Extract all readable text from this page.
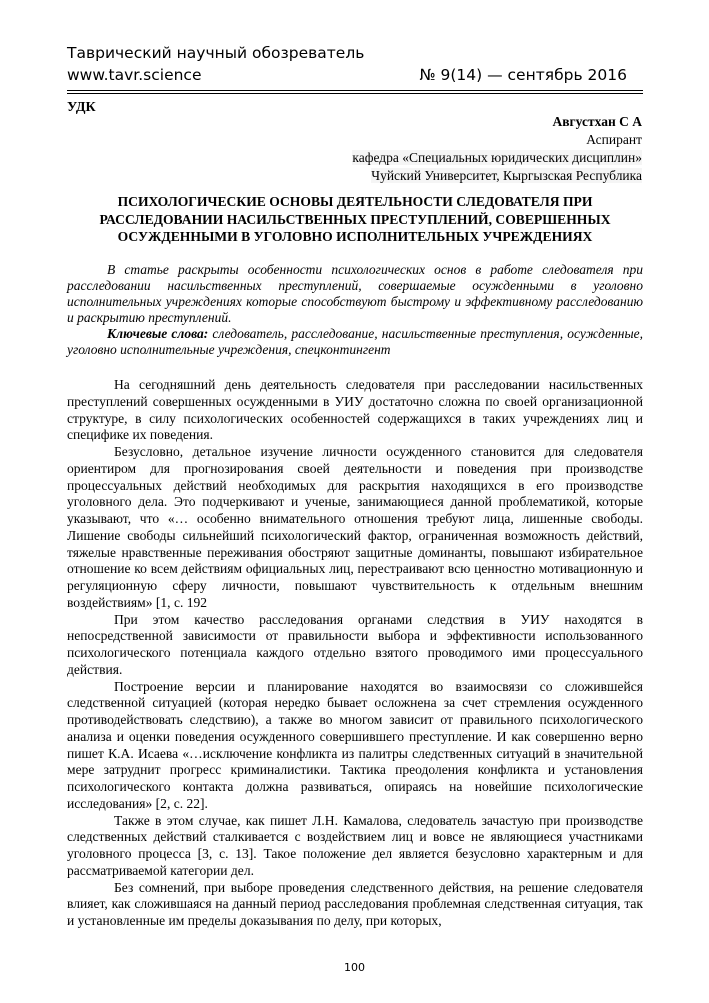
Таврический научный обозреватель
www.tavr.science	№ 9(14) — сентябрь 2016
УДК
Августхан С А
Аспирант
кафедра «Специальных юридических дисциплин»
Чуйский Университет, Кыргызская Республика
ПСИХОЛОГИЧЕСКИЕ ОСНОВЫ ДЕЯТЕЛЬНОСТИ СЛЕДОВАТЕЛЯ ПРИ РАССЛЕДОВАНИИ НАСИЛЬСТВЕННЫХ ПРЕСТУПЛЕНИЙ, СОВЕРШЕННЫХ ОСУЖДЕННЫМИ В УГОЛОВНО ИСПОЛНИТЕЛЬНЫХ УЧРЕЖДЕНИЯХ

В статье раскрыты особенности психологических основ в работе следователя при расследовании насильственных преступлений, совершаемые осужденными в уголовно исполнительных учреждениях которые способствуют быстрому и эффективному расследованию и раскрытию преступлений.

Ключевые слова: следователь, расследование, насильственные преступления, осужденные, уголовно исполнительные учреждения, спецконтингент

На сегодняшний день деятельность следователя при расследовании насильственных преступлений совершенных осужденными в УИУ достаточно сложна по своей организационной структуре, в силу психологических особенностей содержащихся в таких учреждениях лиц и специфике их поведения.

Безусловно, детальное изучение личности осужденного становится для следователя ориентиром для прогнозирования своей деятельности и поведения при производстве процессуальных действий необходимых для раскрытия находящихся в его производстве уголовного дела. Это подчеркивают и ученые, занимающиеся данной проблематикой, которые указывают, что «… особенно внимательного отношения требуют лица, лишенные свободы. Лишение свободы сильнейший психологический фактор, ограниченная возможность действий, тяжелые нравственные переживания обостряют защитные доминанты, повышают избирательное отношение ко всем действиям официальных лиц, перестраивают всю ценностно мотивационную и регуляционную сферу личности, повышают чувствительность к отдельным внешним воздействиям» [1, с. 192

При этом качество расследования органами следствия в УИУ находятся в непосредственной зависимости от правильности выбора и эффективности использованного психологического потенциала каждого отдельно взятого проводимого ими процессуального действия.

Построение версии и планирование находятся во взаимосвязи со сложившейся следственной ситуацией (которая нередко бывает осложнена за счет стремления осужденного противодействовать следствию), а также во многом зависит от правильного психологического анализа и оценки поведения осужденного совершившего преступление. И как совершенно верно пишет К.А. Исаева «…исключение конфликта из палитры следственных ситуаций в значительной мере затруднит прогресс криминалистики. Тактика преодоления конфликта и установления психологического контакта должна развиваться, опираясь на новейшие психологические исследования» [2, с. 22].

Также в этом случае, как пишет Л.Н. Камалова, следователь зачастую при производстве следственных действий сталкивается с воздействием лиц и вовсе не являющиеся участниками уголовного процесса [3, с. 13]. Такое положение дел является безусловно характерным и для рассматриваемой категории дел.

Без сомнений, при выборе проведения следственного действия, на решение следователя влияет, как сложившаяся на данный период расследования проблемная следственная ситуация, так и установленные им пределы доказывания по делу, при которых,

100
